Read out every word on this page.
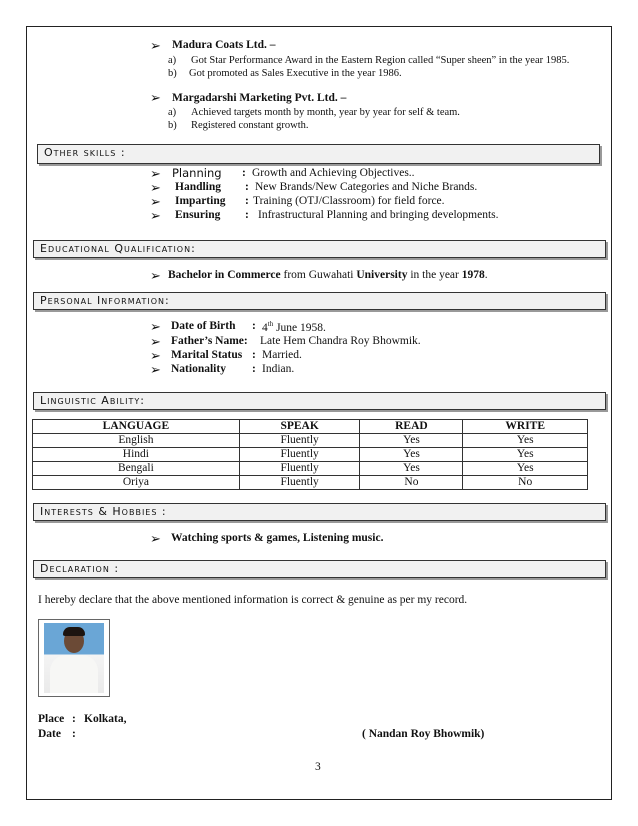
➢ Madura Coats Ltd. –
a) Got Star Performance Award in the Eastern Region called “Super sheen” in the year 1985.
b) Got promoted as Sales Executive in the year 1986.
➢ Margadarshi Marketing Pvt. Ltd. –
a) Achieved targets month by month, year by year for self & team.
b) Registered constant growth.
Other skills :
➢ Planning : Growth and Achieving Objectives..
➢ Handling : New Brands/New Categories and Niche Brands.
➢ Imparting : Training (OTJ/Classroom) for field force.
➢ Ensuring : Infrastructural Planning and bringing developments.
Educational Qualification:
➢ Bachelor in Commerce from Guwahati University in the year 1978.
Personal Information:
➢ Date of Birth : 4th June 1958.
➢ Father’s Name: Late Hem Chandra Roy Bhowmik.
➢ Marital Status : Married.
➢ Nationality : Indian.
Linguistic Ability:
LANGUAGE	SPEAK	READ	WRITE
English	Fluently	Yes	Yes
Hindi	Fluently	Yes	Yes
Bengali	Fluently	Yes	Yes
Oriya	Fluently	No	No
Interests & Hobbies :
➢ Watching sports & games, Listening music.
Declaration :
I hereby declare that the above mentioned information is correct & genuine as per my record.
Place : Kolkata,
Date :	( Nandan Roy Bhowmik)
3
